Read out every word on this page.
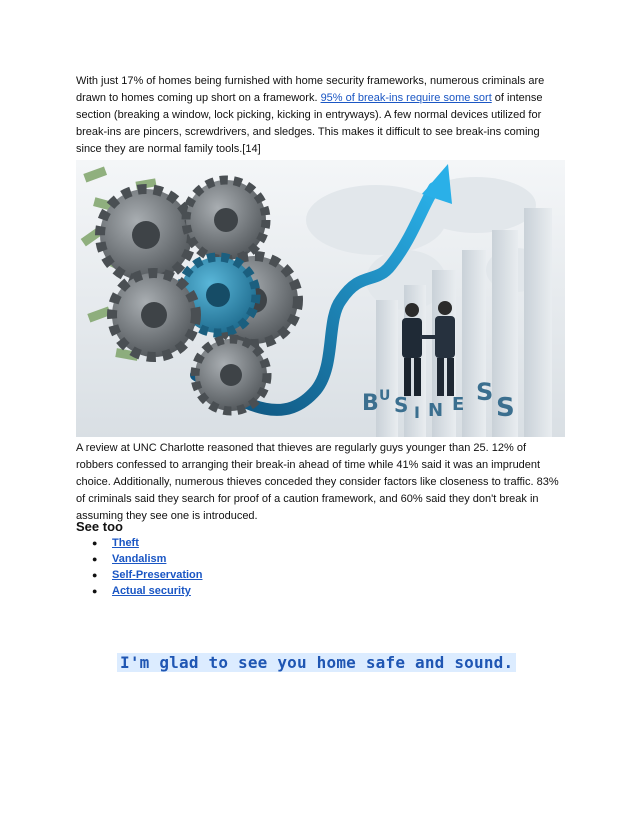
With just 17% of homes being furnished with home security frameworks, numerous criminals are drawn to homes coming up short on a framework. 95% of break-ins require some sort of intense section (breaking a window, lock picking, kicking in entryways). A few normal devices utilized for break-ins are pincers, screwdrivers, and sledges. This makes it difficult to see break-ins coming since they are normal family tools.[14]

B U S I N E S
S

A review at UNC Charlotte reasoned that thieves are regularly guys younger than 25. 12% of robbers confessed to arranging their break-in ahead of time while 41% said it was an imprudent choice. Additionally, numerous thieves conceded they consider factors like closeness to traffic. 83% of criminals said they search for proof of a caution framework, and 60% said they don't break in assuming they see one is introduced.

See too
● Theft
● Vandalism
● Self-Preservation
● Actual security

I'm glad to see you home safe and sound.
